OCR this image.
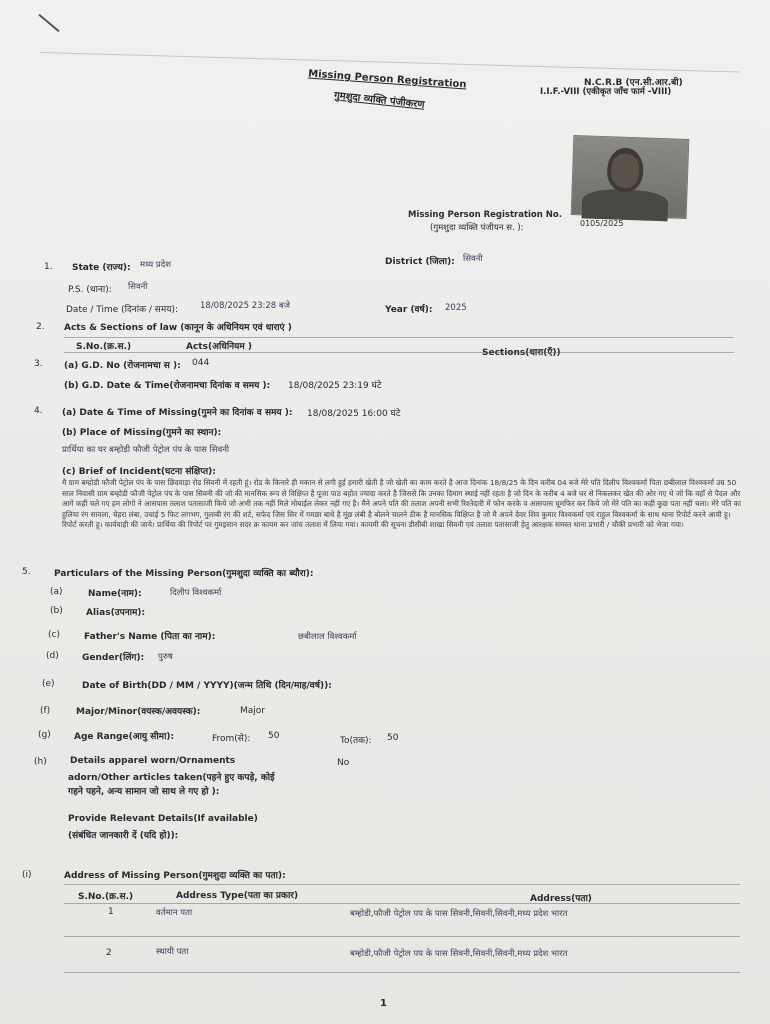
Missing Person Registration
गुमशुदा व्यक्ति पंजीकरण
N.C.R.B (एन.सी.आर.बी)
I.I.F.-VIII (एकीकृत जाँच फार्म -VIII)
Missing Person Registration No.
(गुमशुदा व्यक्ति पंजीयन स. ):	0105/2025
1. State (राज्य): मध्य प्रदेश	District (जिला): सिवनी
P.S. (थाना): सिवनी
Date / Time (दिनांक / समय):	18/08/2025 23:28 बजे	Year (वर्ष): 2025
2. Acts & Sections of law (कानून के अधिनियम एवं धाराएं )
S.No.(क्र.स.)	Acts(अधिनियम )
Sections(धारा(एँ))
3. (a) G.D. No (रोजनामचा स ): 044
(b) G.D. Date & Time(रोजनामचा दिनांक व समय ): 18/08/2025 23:19 घंटे
4. (a) Date & Time of Missing(गुमने का दिनांक व समय ): 18/08/2025 16:00 घंटे
(b) Place of Missing(गुमने का स्थान):
प्रार्थिया का घर बम्होडी फौजी पेट्रोल पंप के पास सिवनी
(c) Brief of Incident(घटना संक्षिप्त):
मै ग्राम बम्होडी फौजी पेट्रोल पंप के पास छिंदवाड़ा रोड सिवनी में रहती हूं। रोड के किनारे ही मकान से लगी हुई हमारी खेती है जो खेती का काम करते है आज दिनांक 18/8/25 के दिन करीब 04 बजे मेरे पति दिलीप विश्वकर्मा पिता छबीलाल विश्वकर्मा उम्र 50 साल निवासी ग्राम बम्होडी फौजी पेट्रोल पंप के पास सिवनी की जो की मानसिक रूप से विक्षिप्त है पूजा पाठ बहोत ज्यादा करते है जिससे कि उनका दिमाग स्थाई नहीं रहता है जो दिन के करीब 4 बजे घर से निकलकर खेत की ओर गए थे जो कि वहाँ से पैदल और आगे कहीं चले गए हम लोगो ने आसपास तलाश पतासाजी किये जो अभी तक नहीं मिले मोबाईल लेकर नहीं गए है। मैने अपने पति की तलाश अपनी सभी रिश्तेदारी में फोन करके व आसपास घूमफिर कर किये जो मेरे पति का कही कुछ पता नहीं चला। मेरे पति का हुलिया रंग सावला, चेहरा लंबा, उचाई 5 फिट लगभग, गुलाबी रंग की शर्ट, सफेद जिस सिर में गमछा बाधे है मूंछ लंबी है बोलने चालने ठीक है मानसिक विक्षिप्त है जो मै अपने देवर शिव कुमार विश्वकर्मा एवं राहुल विश्वकर्मा के साथ थाना रिपोर्ट करने आयी हू। रिपोर्ट करती हू। कार्यवाही की जाये। प्रार्थिया की रिपोर्ट पर गुमइसान सदर क्र कायम कर जांच तलाश में लिया गया। कायमी की सूचना डीसीबी शाखा सिवनी एवं तलाश पतासाजी हेतु आरक्षक समस्त थाना प्रभारी / चौकी प्रभारी को भेजा गया।
5.	Particulars of the Missing Person(गुमशुदा व्यक्ति का ब्यौरा):
(a)	Name(नाम):	दिलीप विश्वकर्मा
(b)	Alias(उपनाम):
(c)	Father's Name (पिता का नाम):	छबीलाल विश्वकर्मा
(d)	Gender(लिंग): पुरुष
(e)	Date of Birth(DD / MM / YYYY)(जन्म तिथि (दिन/माह/वर्ष)):
(f)	Major/Minor(वयस्क/अवयस्क):	Major
(g)	Age Range(आयु सीमा):	From(से): 50	To(तक): 50
(h)	Details apparel worn/Ornaments
adorn/Other articles taken(पहने हुए कपड़े, कोई
गहने पहने, अन्य सामान जो साथ ले गए हो ):
No
Provide Relevant Details(If available)
(संबंधित जानकारी दें (यदि हो)):
(i)	Address of Missing Person(गुमशुदा व्यक्ति का पता):
S.No.(क्र.स.)	Address Type(पता का प्रकार)	Address(पता)
1	वर्तमान पता	बम्होडी,फौजी पेट्रोल पप के पास सिवनी,सिवनी,सिवनी,मध्य प्रदेश भारत
2	स्थायी पता	बम्होडी,फौजी पेट्रोल पप के पास सिवनी,सिवनी,सिवनी,मध्य प्रदेश भारत
1
